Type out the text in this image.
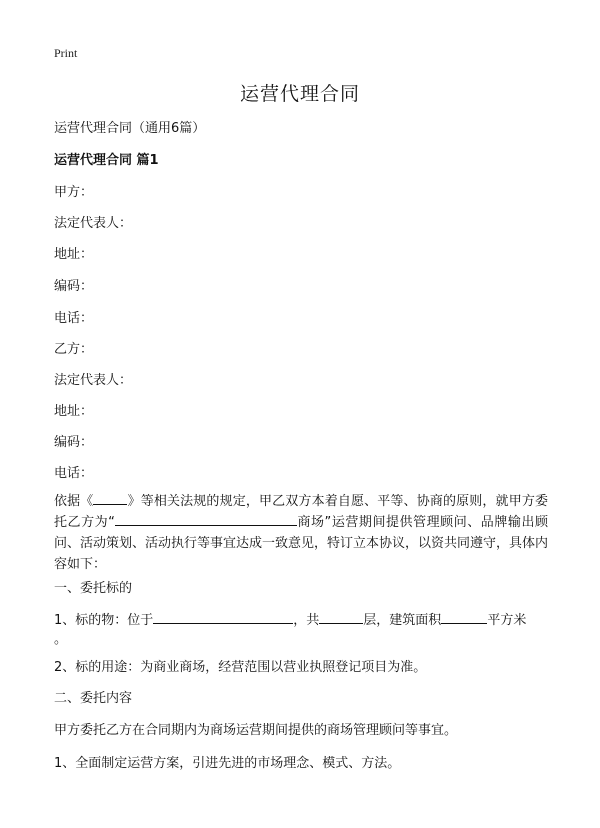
Print
运营代理合同
运营代理合同（通用6篇）
运营代理合同 篇1
甲方：
法定代表人：
地址：
编码：
电话：
乙方：
法定代表人：
地址：
编码：
电话：
依据《	》等相关法规的规定，甲乙双方本着自愿、平等、协商的原则，就甲方委托乙方为“	商场”运营期间提供管理顾问、品牌输出顾问、活动策划、活动执行等事宜达成一致意见，特订立本协议，以资共同遵守，具体内容如下：
一、委托标的
1、标的物：位于	，共	层，建筑面积	平方米
。
2、标的用途：为商业商场，经营范围以营业执照登记项目为准。
二、委托内容
甲方委托乙方在合同期内为商场运营期间提供的商场管理顾问等事宜。
1、全面制定运营方案，引进先进的市场理念、模式、方法。
